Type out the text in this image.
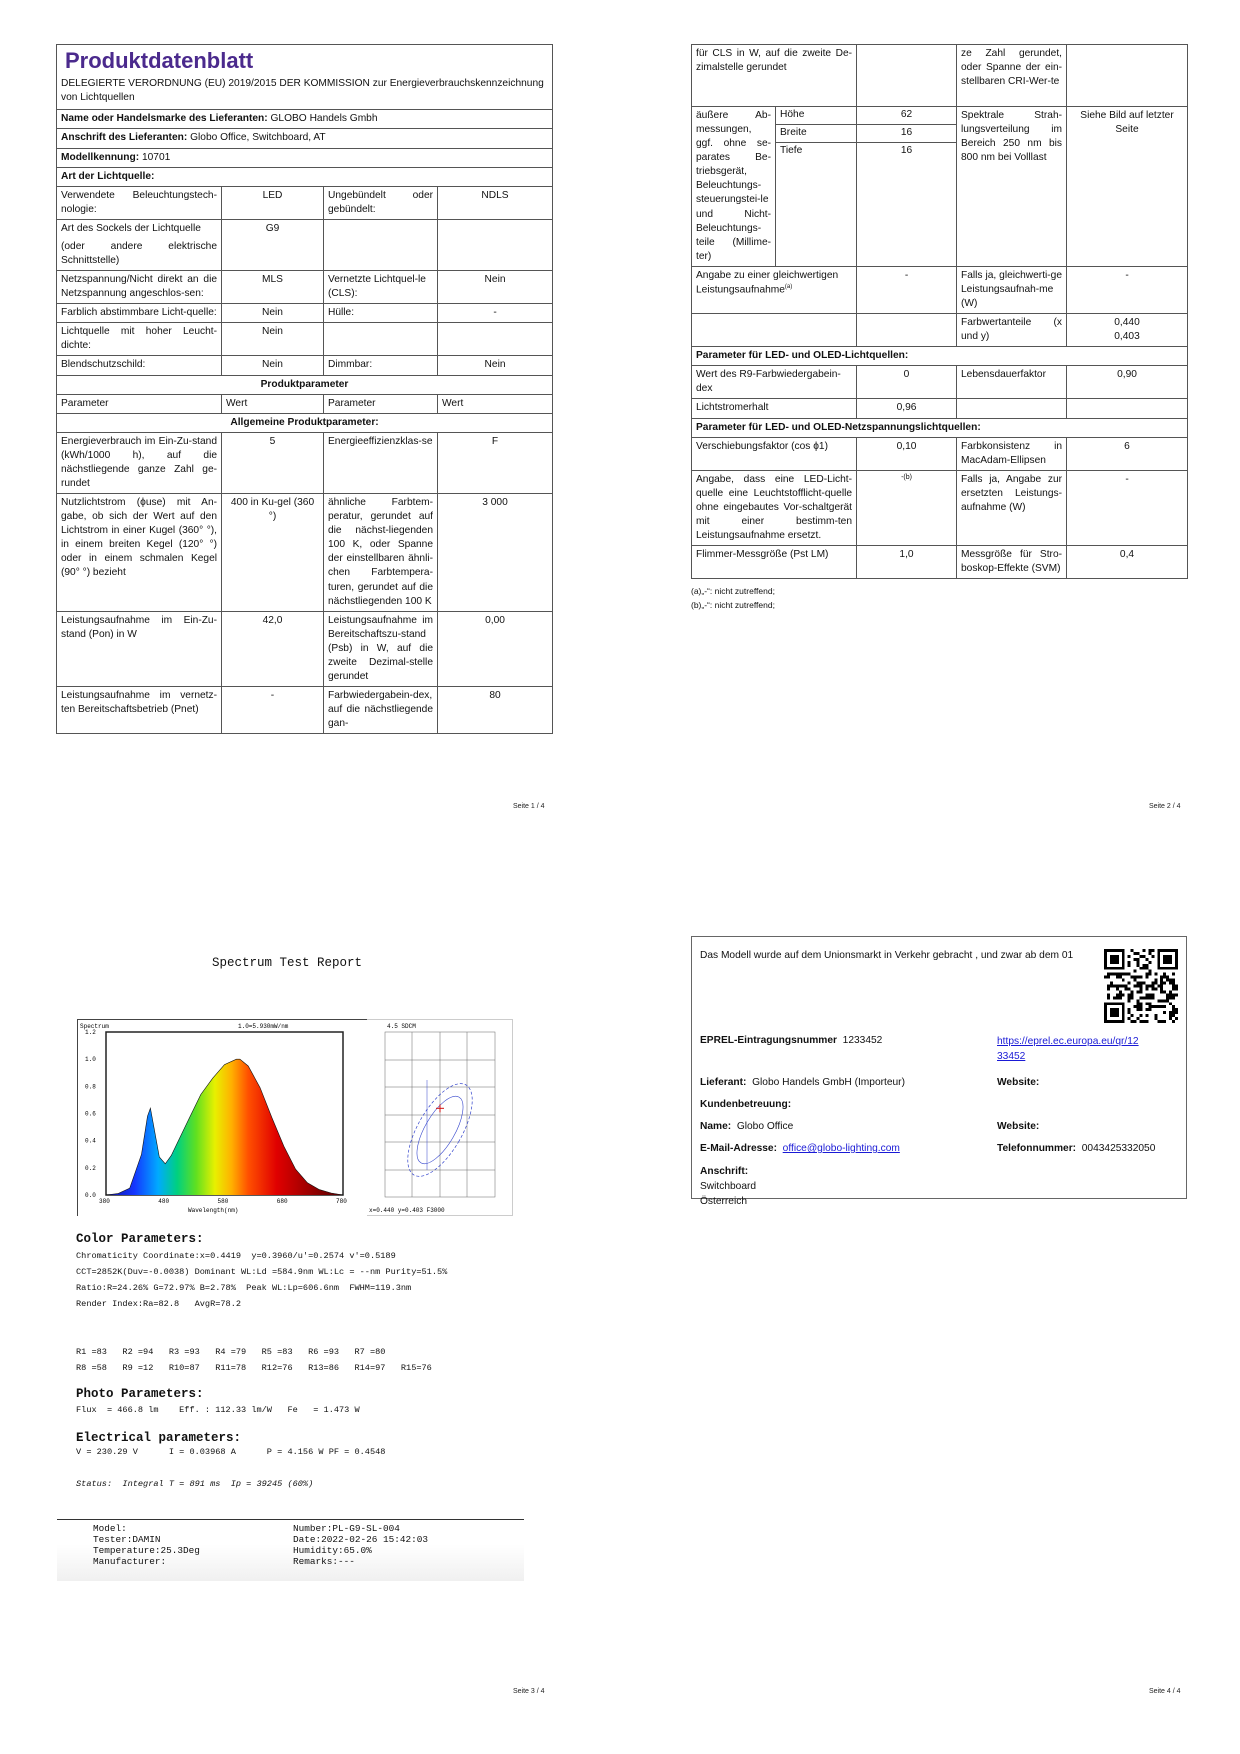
Produktdatenblatt
DELEGIERTE VERORDNUNG (EU) 2019/2015 DER KOMMISSION zur Energieverbrauchskennzeichnung von Lichtquellen			

Name oder Handelsmarke des Lieferanten: GLOBO Handels Gmbh			
Anschrift des Lieferanten: Globo Office, Switchboard, AT			
Modellkennung: 10701			
Art der Lichtquelle:			
Verwendete Beleuchtungstech-nologie:	LED	Ungebündelt oder gebündelt:	NDLS

Art des Sockels der Lichtquelle
(oder andere elektrische Schnittstelle)	G9		
Netzspannung/Nicht direkt an die Netzspannung angeschlos-sen:	MLS	Vernetzte Lichtquel-le (CLS):	Nein
Farblich abstimmbare Licht-quelle:	Nein	Hülle:	-
Lichtquelle mit hoher Leucht-dichte:	Nein		
Blendschutzschild:	Nein	Dimmbar:	Nein
Produktparameter			
Parameter	Wert	Parameter	Wert
Allgemeine Produktparameter:			
Energieverbrauch im Ein-Zu-stand (kWh/1000 h), auf die nächstliegende ganze Zahl ge-rundet	5	Energieeffizienzklas-se	F
Nutzlichtstrom (ϕuse) mit An-gabe, ob sich der Wert auf den Lichtstrom in einer Kugel (360° °), in einem breiten Kegel (120° °) oder in einem schmalen Kegel (90° °) bezieht	400 in Ku-gel (360 °)	ähnliche Farbtem-peratur, gerundet auf die nächst-liegenden 100 K, oder Spanne der einstellbaren ähnli-chen Farbtempera-turen, gerundet auf die nächstliegenden 100 K	3 000
Leistungsaufnahme im Ein-Zu-stand (Pon) in W	42,0	Leistungsaufnahme im Bereitschaftszu-stand (Psb) in W, auf die zweite Dezimal-stelle gerundet	0,00
Leistungsaufnahme im vernetz-ten Bereitschaftsbetrieb (Pnet)	-	Farbwiedergabein-dex, auf die nächstliegende gan-	80
Seite 1 / 4
für CLS in W, auf die zweite De-zimalstelle gerundet			ze Zahl gerundet, oder Spanne der ein-stellbaren CRI-Wer-te	
äußere Ab-messungen, ggf. ohne se-parates Be-triebsgerät, Beleuchtungs-steuerungstei-le und Nicht-Beleuchtungs-teile (Millime-ter)	Höhe	62	Spektrale Strah-lungsverteilung im Bereich 250 nm bis 800 nm bei Volllast	Siehe Bild auf letzter Seite
	Breite	16		
	Tiefe	16		

Angabe zu einer gleichwertigen Leistungsaufnahme$^{(a)}$		-	Falls ja, gleichwerti-ge Leistungsaufnah-me (W)	-
			Farbwertanteile (x und y)	0,440
0,403

Parameter für LED- und OLED-Lichtquellen:				
Wert des R9-Farbwiedergabein-dex		0	Lebensdauerfaktor	0,90
Lichtstromerhalt		0,96		
Parameter für LED- und OLED-Netzspannungslichtquellen:				
Verschiebungsfaktor (cos ϕ1)		0,10	Farbkonsistenz in MacAdam-Ellipsen	6
Angabe, dass eine LED-Licht-quelle eine Leuchtstofflicht-quelle ohne eingebautes Vor-schaltgerät mit einer bestimm-ten Leistungsaufnahme ersetzt.		-(b)	Falls ja, Angabe zur ersetzten Leistungs-aufnahme (W)	-
Flimmer-Messgröße (Pst LM)		1,0	Messgröße für Stro-boskop-Effekte (SVM)	0,4
(a)„-“: nicht zutreffend;
(b)„-“: nicht zutreffend;
Seite 2 / 4
Spectrum Test Report
Spectrum	1.0=5.930mW/nm
380	480	580	680	780
0.0
0.2
0.4
0.6
0.8
1.0
1.2
Wavelength(nm)
4.5 SDCM
x=0.440 y=0.403 F3000
Color Parameters:
Chromaticity Coordinate:x=0.4419  y=0.3960/u'=0.2574 v'=0.5189
CCT=2852K(Duv=-0.0038) Dominant WL:Ld =584.9nm WL:Lc = --nm Purity=51.5%
Ratio:R=24.26% G=72.97% B=2.78%  Peak WL:Lp=606.6nm  FWHM=119.3nm
Render Index:Ra=82.8   AvgR=78.2
R1 =83   R2 =94   R3 =93   R4 =79   R5 =83   R6 =93   R7 =80
R8 =58   R9 =12   R10=87   R11=78   R12=76   R13=86   R14=97   R15=76
Photo Parameters:
Flux  = 466.8 lm    Eff. : 112.33 lm/W   Fe   = 1.473 W
Electrical parameters:
V = 230.29 V      I = 0.03968 A      P = 4.156 W PF = 0.4548
Status:  Integral T = 891 ms  Ip = 39245 (60%)
Model:
Tester:DAMIN
Temperature:25.3Deg
Manufacturer:
Number:PL-G9-SL-004
Date:2022-02-26 15:42:03
Humidity:65.0%
Remarks:---
Seite 3 / 4
Das Modell wurde auf dem Unionsmarkt in Verkehr gebracht , und zwar ab dem 01
EPREL-Eintragungsnummer 1233452	https://eprel.ec.europa.eu/qr/12
33452
Lieferant: Globo Handels GmbH (Importeur)	Website:
Kundenbetreuung:
Name: Globo Office	Website:
E-Mail-Adresse: office@globo-lighting.com	Telefonnummer: 0043425332050
Anschrift:
Switchboard
Österreich
Seite 4 / 4
